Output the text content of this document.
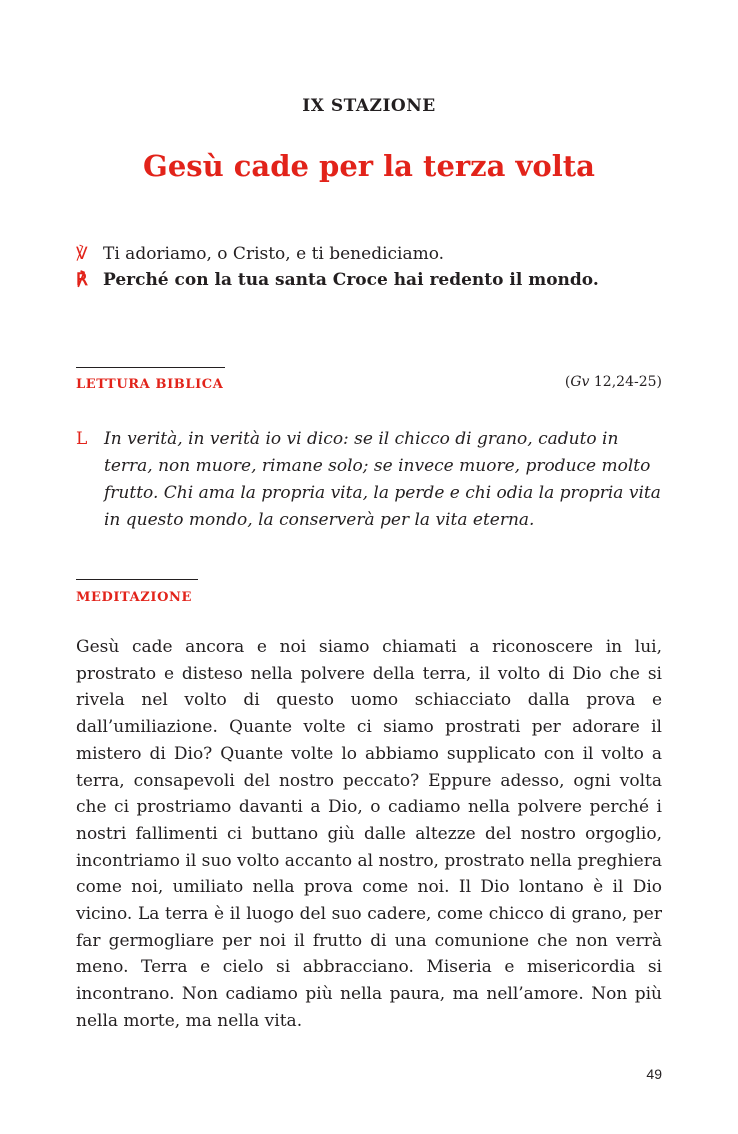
IX STAZIONE
Gesù cade per la terza volta
℣ Ti adoriamo, o Cristo, e ti benediciamo.
℟ Perché con la tua santa Croce hai redento il mondo.
LETTURA BIBLICA	(Gv 12,24-25)
L In verità, in verità io vi dico: se il chicco di grano, caduto in terra, non muore, rimane solo; se invece muore, produce molto frutto. Chi ama la propria vita, la perde e chi odia la propria vita in questo mondo, la conserverà per la vita eterna.
MEDITAZIONE
Gesù cade ancora e noi siamo chiamati a riconoscere in lui, prostrato e disteso nella polvere della terra, il volto di Dio che si rivela nel volto di questo uomo schiacciato dalla prova e dall’umiliazione. Quante volte ci siamo prostrati per adorare il mistero di Dio? Quante volte lo abbiamo supplicato con il volto a terra, consapevoli del nostro peccato? Eppure adesso, ogni volta che ci prostriamo davanti a Dio, o cadiamo nella polvere perché i nostri fallimenti ci buttano giù dalle altezze del nostro orgoglio, incontriamo il suo volto accanto al nostro, prostrato nella preghiera come noi, umiliato nella prova come noi. Il Dio lontano è il Dio vicino. La terra è il luogo del suo cadere, come chicco di grano, per far germogliare per noi il frutto di una comunione che non verrà meno. Terra e cielo si abbracciano. Miseria e misericordia si incontrano. Non cadiamo più nella paura, ma nell’amore. Non più nella morte, ma nella vita.
49
